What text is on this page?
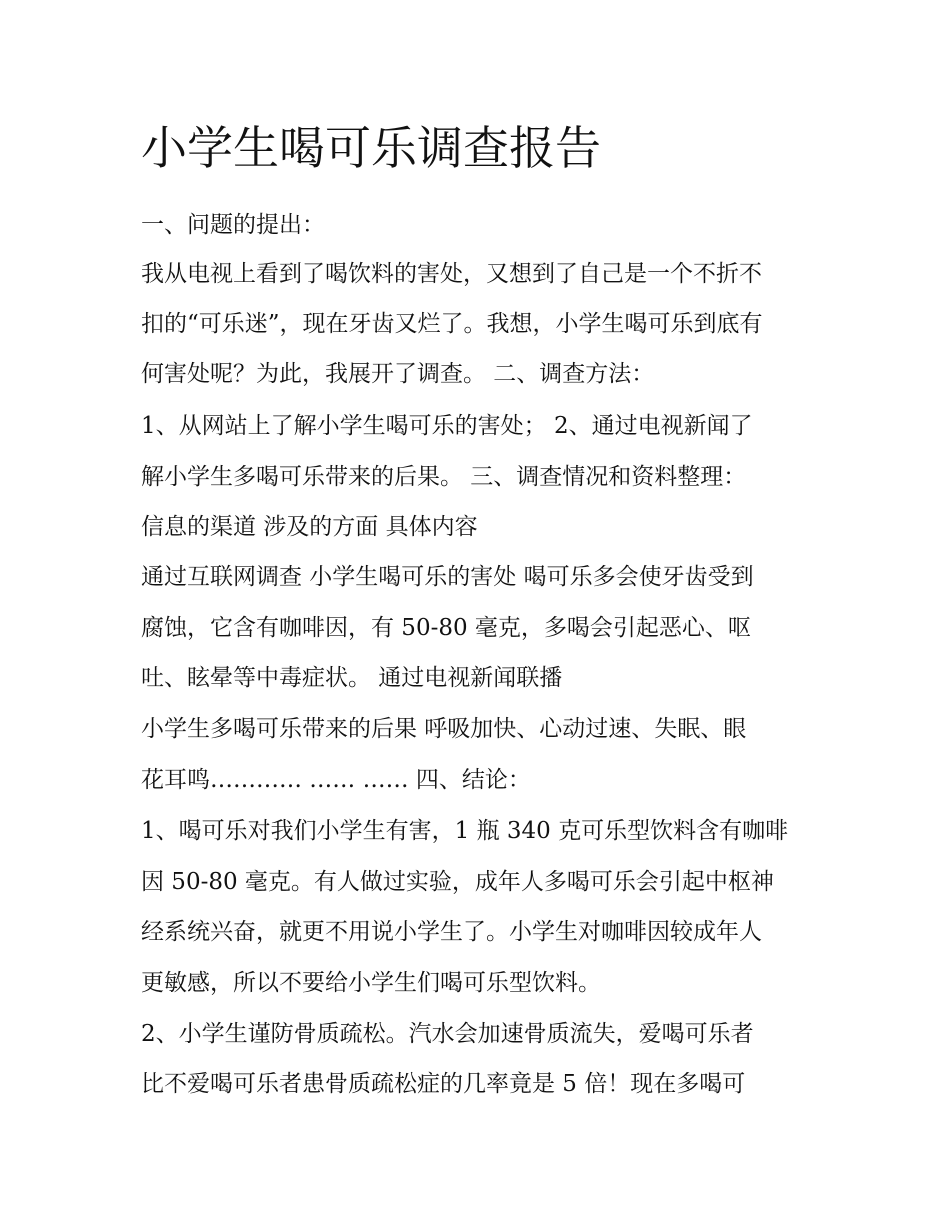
小学生喝可乐调查报告
一、问题的提出：
我从电视上看到了喝饮料的害处，又想到了自己是一个不折不
扣的“可乐迷”，现在牙齿又烂了。我想，小学生喝可乐到底有
何害处呢？为此，我展开了调查。 二、调查方法：
1、从网站上了解小学生喝可乐的害处； 2、通过电视新闻了
解小学生多喝可乐带来的后果。 三、调查情况和资料整理：
信息的渠道 涉及的方面 具体内容
通过互联网调查 小学生喝可乐的害处 喝可乐多会使牙齿受到
腐蚀，它含有咖啡因，有 50-80 毫克，多喝会引起恶心、呕
吐、眩晕等中毒症状。 通过电视新闻联播
小学生多喝可乐带来的后果 呼吸加快、心动过速、失眠、眼
花耳鸣………… …… …… 四、结论：
1、喝可乐对我们小学生有害，1 瓶 340 克可乐型饮料含有咖啡
因 50-80 毫克。有人做过实验，成年人多喝可乐会引起中枢神
经系统兴奋，就更不用说小学生了。小学生对咖啡因较成年人
更敏感，所以不要给小学生们喝可乐型饮料。
2、小学生谨防骨质疏松。汽水会加速骨质流失，爱喝可乐者
比不爱喝可乐者患骨质疏松症的几率竟是 5 倍！现在多喝可
